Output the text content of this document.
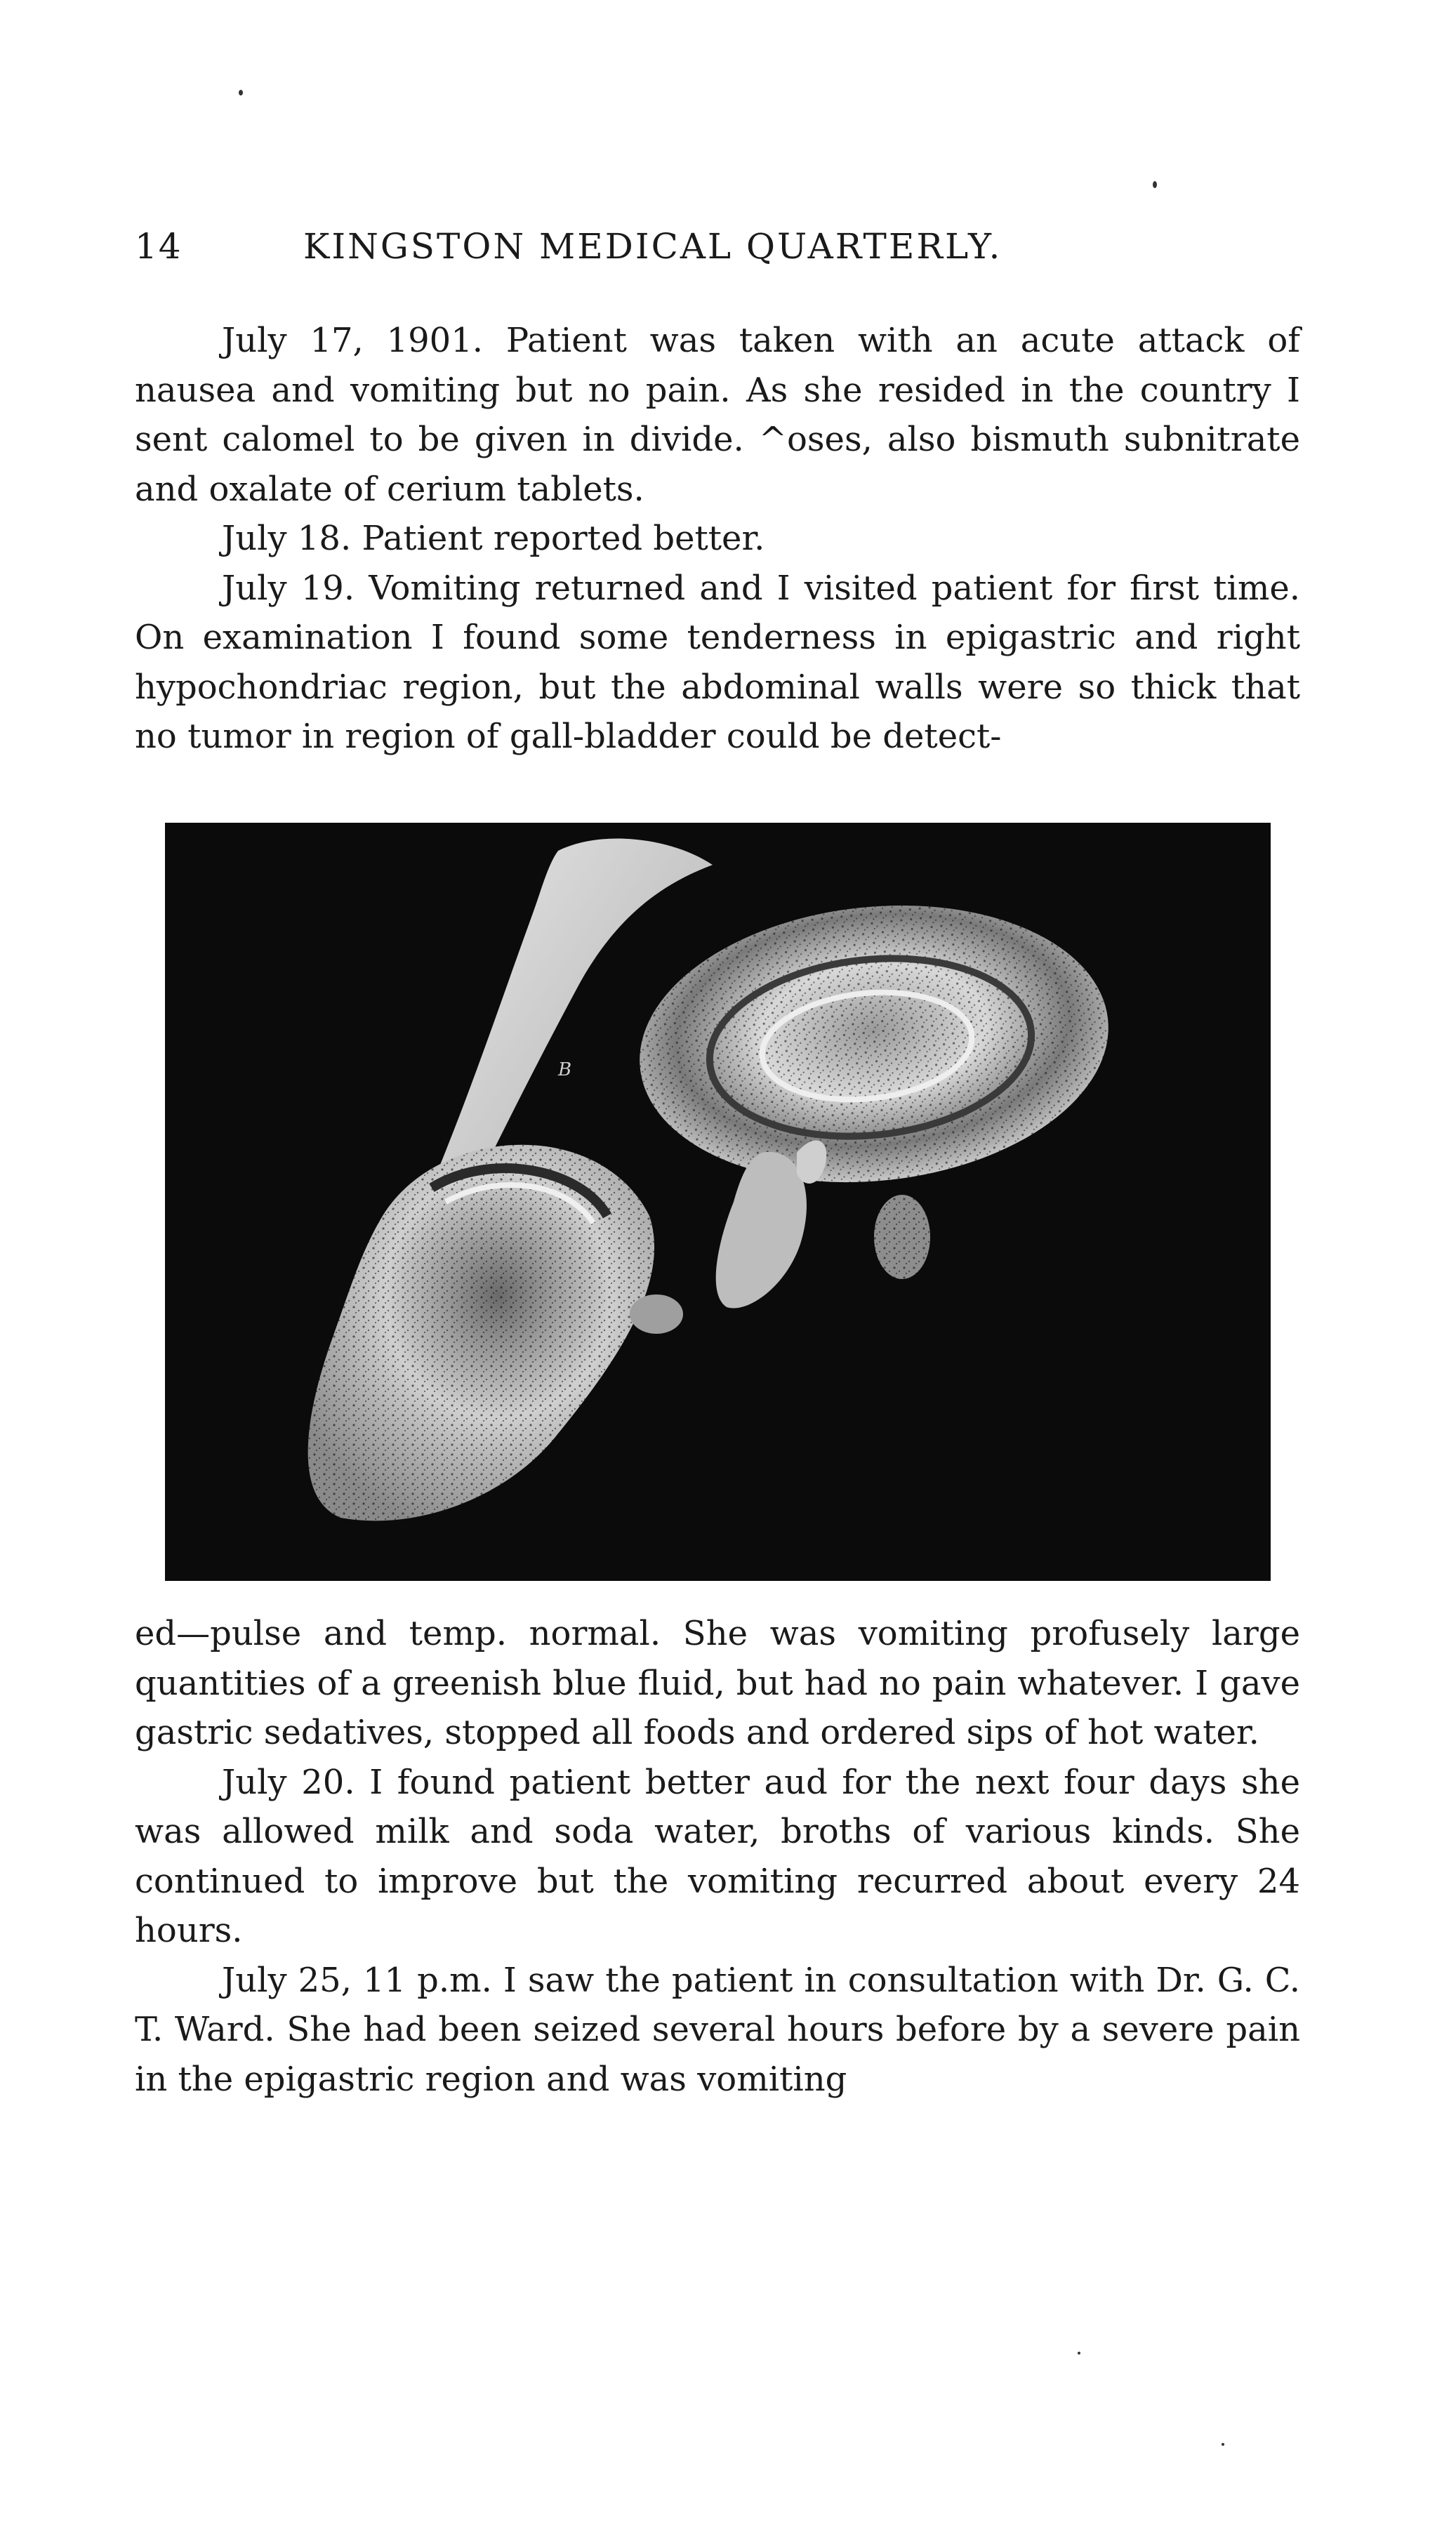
14	KINGSTON MEDICAL QUARTERLY.

July 17, 1901. Patient was taken with an acute attack of nausea and vomiting but no pain. As she resided in the country I sent calomel to be given in divide. ^oses, also bismuth subnitrate and oxalate of cerium tablets.

July 18. Patient reported better.

July 19. Vomiting returned and I visited patient for first time. On examination I found some tenderness in epigastric and right hypochondriac region, but the abdominal walls were so thick that no tumor in region of gall-bladder could be detect-

B

ed—pulse and temp. normal. She was vomiting profusely large quantities of a greenish blue fluid, but had no pain whatever. I gave gastric sedatives, stopped all foods and ordered sips of hot water.

July 20. I found patient better aud for the next four days she was allowed milk and soda water, broths of various kinds. She continued to improve but the vomiting recurred about every 24 hours.

July 25, 11 p.m. I saw the patient in consultation with Dr. G. C. T. Ward. She had been seized several hours before by a severe pain in the epigastric region and was vomiting
